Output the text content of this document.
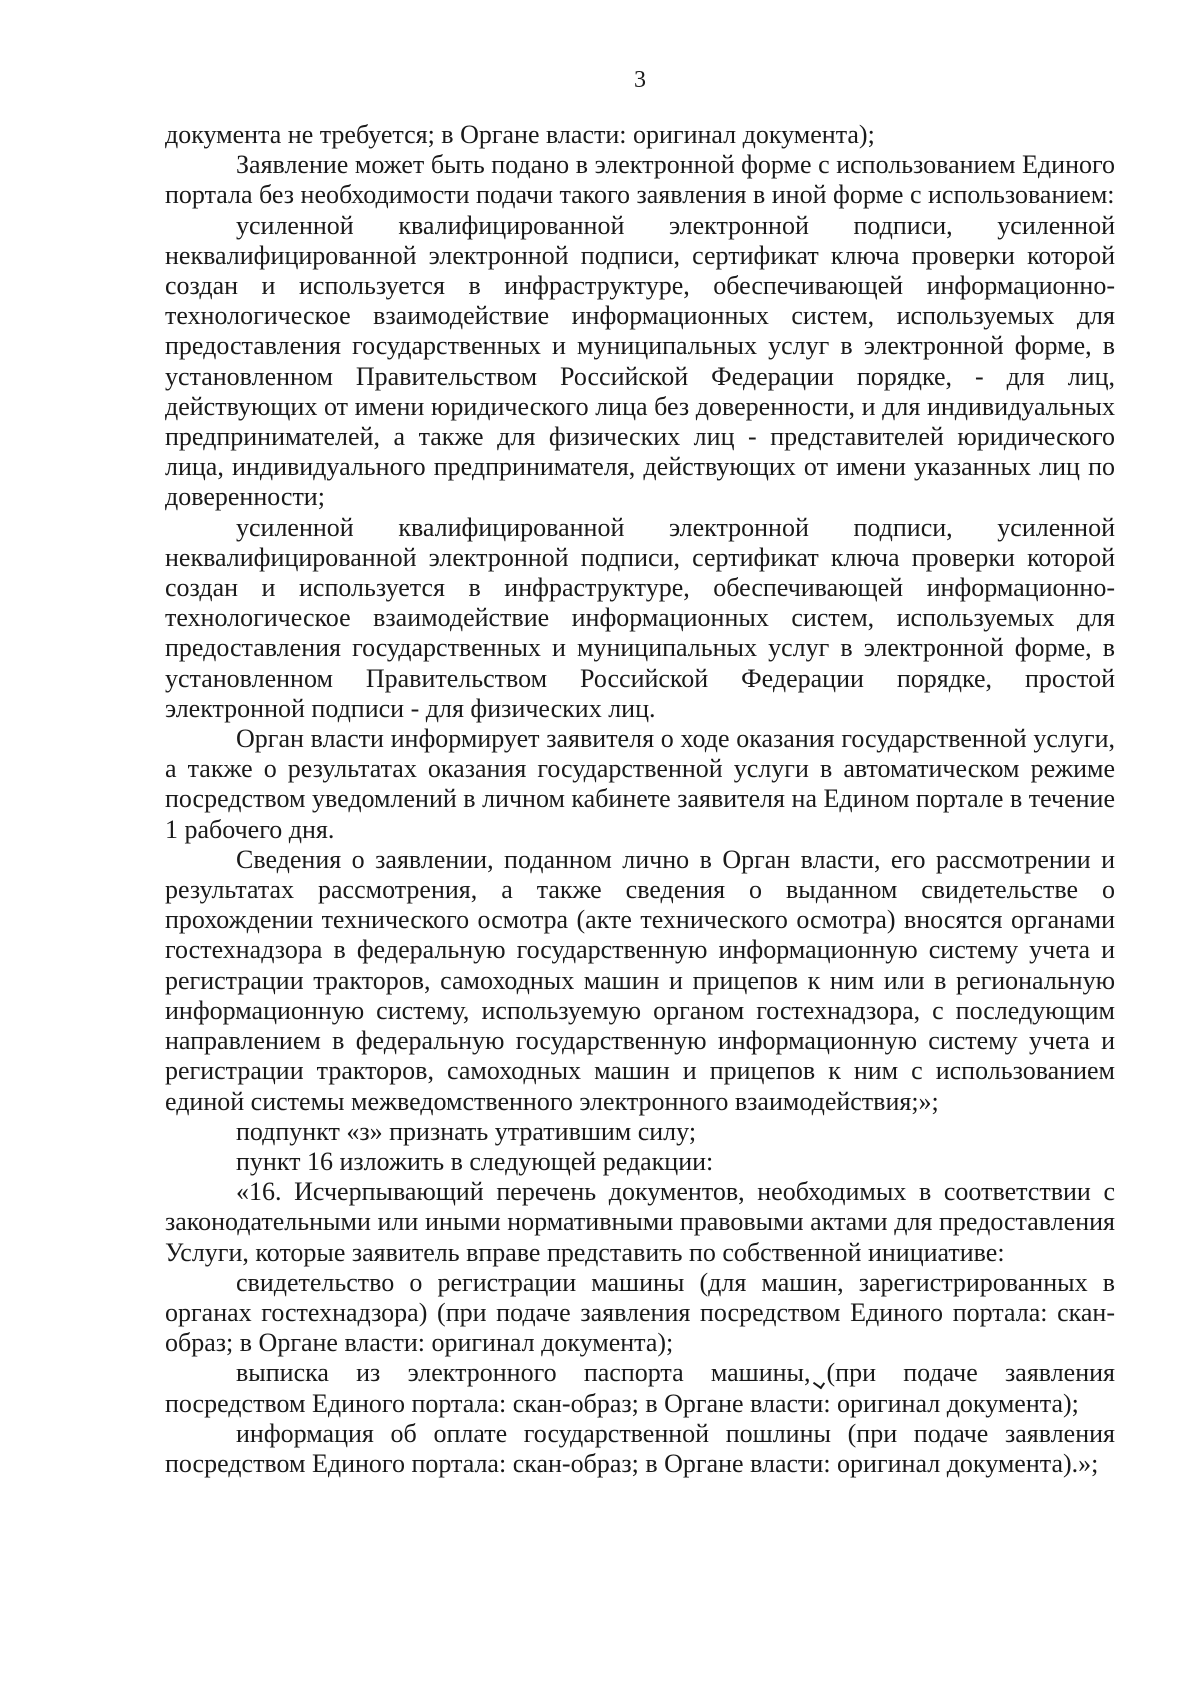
3

документа не требуется; в Органе власти: оригинал документа);

Заявление может быть подано в электронной форме с использованием Единого портала без необходимости подачи такого заявления в иной форме с использованием:

усиленной квалифицированной электронной подписи, усиленной неквалифицированной электронной подписи, сертификат ключа проверки которой создан и используется в инфраструктуре, обеспечивающей информационно-технологическое взаимодействие информационных систем, используемых для предоставления государственных и муниципальных услуг в электронной форме, в установленном Правительством Российской Федерации порядке, - для лиц, действующих от имени юридического лица без доверенности, и для индивидуальных предпринимателей, а также для физических лиц - представителей юридического лица, индивидуального предпринимателя, действующих от имени указанных лиц по доверенности;

усиленной квалифицированной электронной подписи, усиленной неквалифицированной электронной подписи, сертификат ключа проверки которой создан и используется в инфраструктуре, обеспечивающей информационно-технологическое взаимодействие информационных систем, используемых для предоставления государственных и муниципальных услуг в электронной форме, в установленном Правительством Российской Федерации порядке, простой электронной подписи - для физических лиц.

Орган власти информирует заявителя о ходе оказания государственной услуги, а также о результатах оказания государственной услуги в автоматическом режиме посредством уведомлений в личном кабинете заявителя на Едином портале в течение 1 рабочего дня.

Сведения о заявлении, поданном лично в Орган власти, его рассмотрении и результатах рассмотрения, а также сведения о выданном свидетельстве о прохождении технического осмотра (акте технического осмотра) вносятся органами гостехнадзора в федеральную государственную информационную систему учета и регистрации тракторов, самоходных машин и прицепов к ним или в региональную информационную систему, используемую органом гостехнадзора, с последующим направлением в федеральную государственную информационную систему учета и регистрации тракторов, самоходных машин и прицепов к ним с использованием единой системы межведомственного электронного взаимодействия;»;

подпункт «з» признать утратившим силу;

пункт 16 изложить в следующей редакции:

«16. Исчерпывающий перечень документов, необходимых в соответствии с законодательными или иными нормативными правовыми актами для предоставления Услуги, которые заявитель вправе представить по собственной инициативе:

свидетельство о регистрации машины (для машин, зарегистрированных в органах гостехнадзора) (при подаче заявления посредством Единого портала: скан-образ; в Органе власти: оригинал документа);

выписка из электронного паспорта машины, (при подаче заявления посредством Единого портала: скан-образ; в Органе власти: оригинал документа);

информация об оплате государственной пошлины (при подаче заявления посредством Единого портала: скан-образ; в Органе власти: оригинал документа).»;
